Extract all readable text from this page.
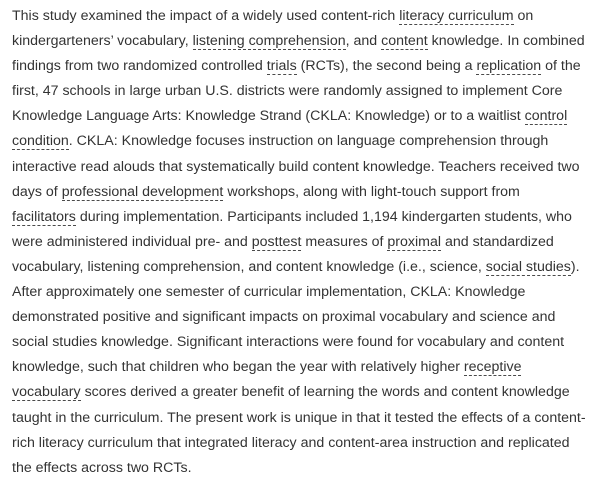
This study examined the impact of a widely used content-rich literacy curriculum on kindergarteners’ vocabulary, listening comprehension, and content knowledge. In combined findings from two randomized controlled trials (RCTs), the second being a replication of the first, 47 schools in large urban U.S. districts were randomly assigned to implement Core Knowledge Language Arts: Knowledge Strand (CKLA: Knowledge) or to a waitlist control condition. CKLA: Knowledge focuses instruction on language comprehension through interactive read alouds that systematically build content knowledge. Teachers received two days of professional development workshops, along with light-touch support from facilitators during implementation. Participants included 1,194 kindergarten students, who were administered individual pre- and posttest measures of proximal and standardized vocabulary, listening comprehension, and content knowledge (i.e., science, social studies). After approximately one semester of curricular implementation, CKLA: Knowledge demonstrated positive and significant impacts on proximal vocabulary and science and social studies knowledge. Significant interactions were found for vocabulary and content knowledge, such that children who began the year with relatively higher receptive vocabulary scores derived a greater benefit of learning the words and content knowledge taught in the curriculum. The present work is unique in that it tested the effects of a content-rich literacy curriculum that integrated literacy and content-area instruction and replicated the effects across two RCTs.
